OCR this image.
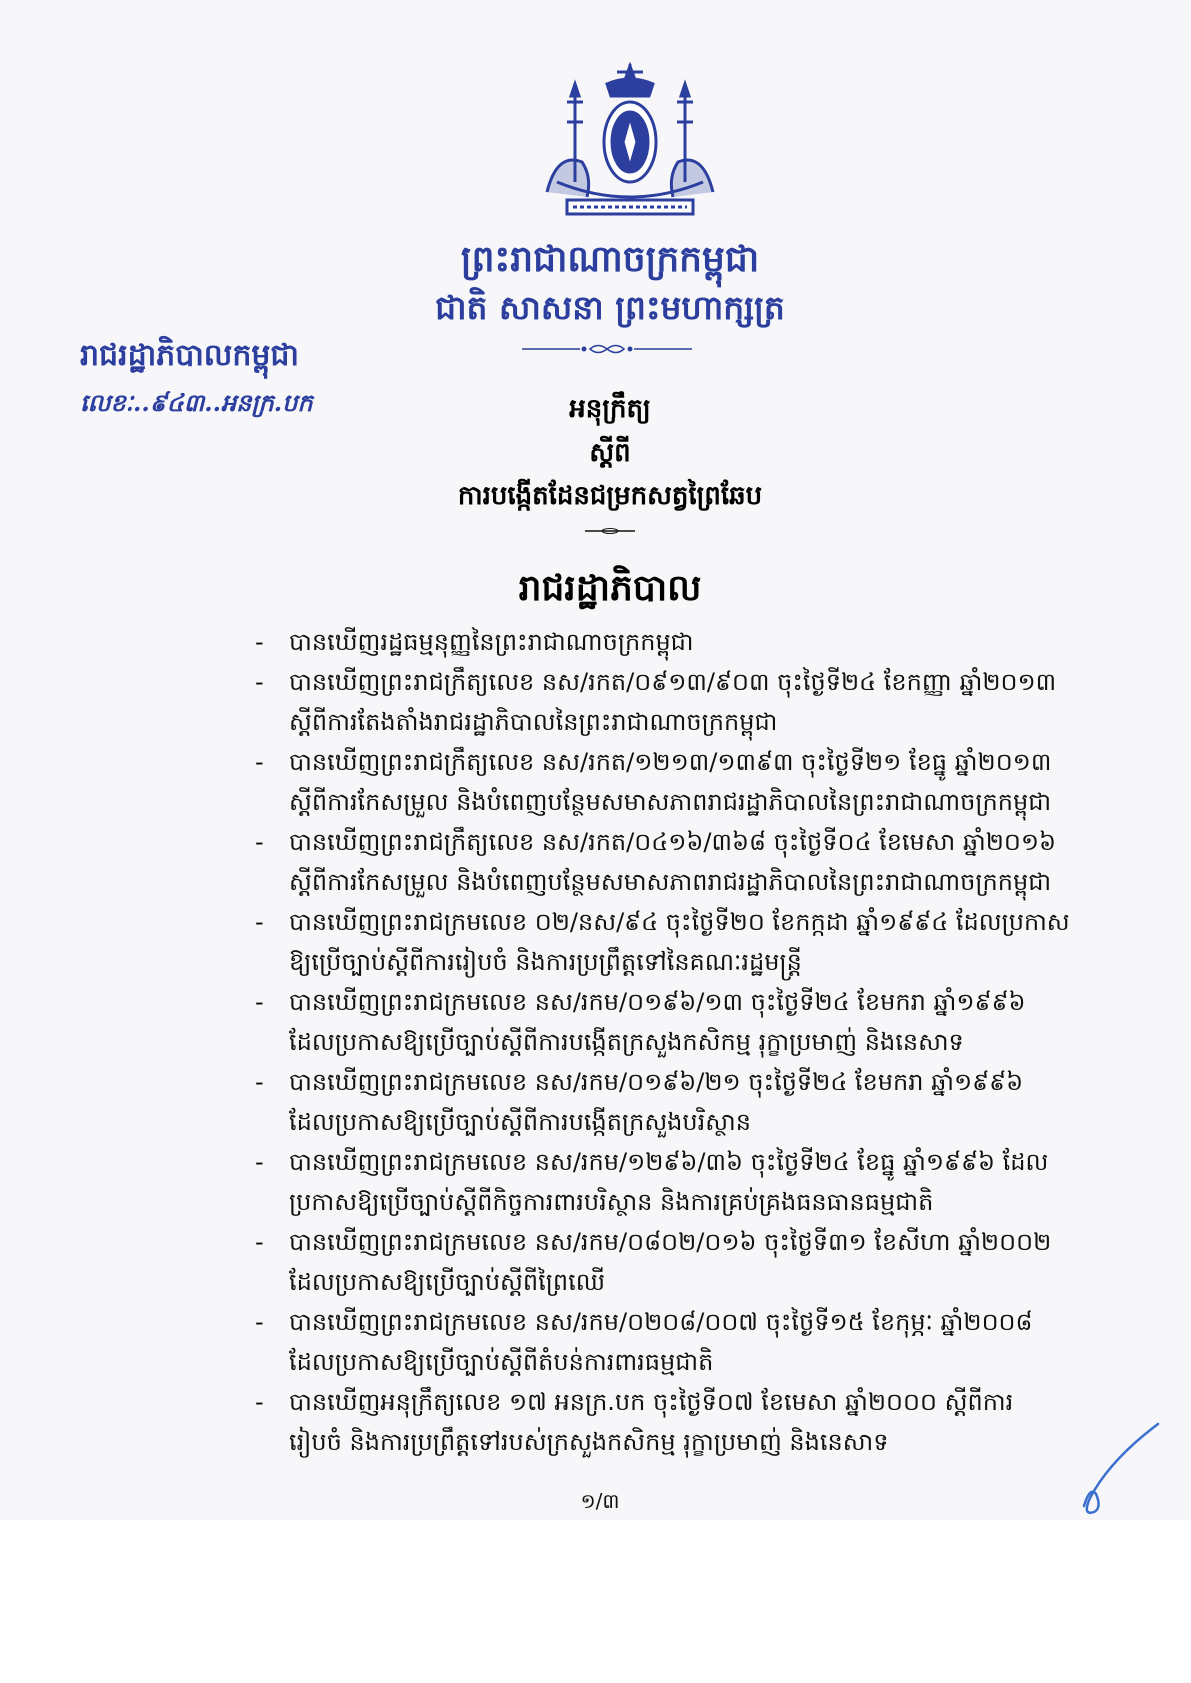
ព្រះរាជាណាចក្រកម្ពុជា
ជាតិ សាសនា ព្រះមហាក្សត្រ
រាជរដ្ឋាភិបាលកម្ពុជា
លេខៈ..៩៤៣..អនក្រ.បក	អនុក្រឹត្យ
ស្ដីពី
ការបង្កើតដែនជម្រកសត្វព្រៃឆែប
រាជរដ្ឋាភិបាល
- បានឃើញរដ្ឋធម្មនុញ្ញនៃព្រះរាជាណាចក្រកម្ពុជា
- បានឃើញព្រះរាជក្រឹត្យលេខ នស/រកត/០៩១៣/៩០៣ ចុះថ្ងៃទី២៤ ខែកញ្ញា ឆ្នាំ២០១៣
ស្ដីពីការតែងតាំងរាជរដ្ឋាភិបាលនៃព្រះរាជាណាចក្រកម្ពុជា
- បានឃើញព្រះរាជក្រឹត្យលេខ នស/រកត/១២១៣/១៣៩៣ ចុះថ្ងៃទី២១ ខែធ្នូ ឆ្នាំ២០១៣
ស្ដីពីការកែសម្រួល និងបំពេញបន្ថែមសមាសភាពរាជរដ្ឋាភិបាលនៃព្រះរាជាណាចក្រកម្ពុជា
- បានឃើញព្រះរាជក្រឹត្យលេខ នស/រកត/០៤១៦/៣៦៨ ចុះថ្ងៃទី០៤ ខែមេសា ឆ្នាំ២០១៦
ស្ដីពីការកែសម្រួល និងបំពេញបន្ថែមសមាសភាពរាជរដ្ឋាភិបាលនៃព្រះរាជាណាចក្រកម្ពុជា
- បានឃើញព្រះរាជក្រមលេខ ០២/នស/៩៤ ចុះថ្ងៃទី២០ ខែកក្កដា ឆ្នាំ១៩៩៤ ដែលប្រកាស
ឱ្យប្រើច្បាប់ស្ដីពីការរៀបចំ និងការប្រព្រឹត្តទៅនៃគណៈរដ្ឋមន្ត្រី
- បានឃើញព្រះរាជក្រមលេខ នស/រកម/០១៩៦/១៣ ចុះថ្ងៃទី២៤ ខែមករា ឆ្នាំ១៩៩៦
ដែលប្រកាសឱ្យប្រើច្បាប់ស្ដីពីការបង្កើតក្រសួងកសិកម្ម រុក្ខាប្រមាញ់ និងនេសាទ
- បានឃើញព្រះរាជក្រមលេខ នស/រកម/០១៩៦/២១ ចុះថ្ងៃទី២៤ ខែមករា ឆ្នាំ១៩៩៦
ដែលប្រកាសឱ្យប្រើច្បាប់ស្ដីពីការបង្កើតក្រសួងបរិស្ថាន
- បានឃើញព្រះរាជក្រមលេខ នស/រកម/១២៩៦/៣៦ ចុះថ្ងៃទី២៤ ខែធ្នូ ឆ្នាំ១៩៩៦ ដែល
ប្រកាសឱ្យប្រើច្បាប់ស្ដីពីកិច្ចការពារបរិស្ថាន និងការគ្រប់គ្រងធនធានធម្មជាតិ
- បានឃើញព្រះរាជក្រមលេខ នស/រកម/០៨០២/០១៦ ចុះថ្ងៃទី៣១ ខែសីហា ឆ្នាំ២០០២
ដែលប្រកាសឱ្យប្រើច្បាប់ស្ដីពីព្រៃឈើ
- បានឃើញព្រះរាជក្រមលេខ នស/រកម/០២០៨/០០៧ ចុះថ្ងៃទី១៥ ខែកុម្ភៈ ឆ្នាំ២០០៨
ដែលប្រកាសឱ្យប្រើច្បាប់ស្ដីពីតំបន់ការពារធម្មជាតិ
- បានឃើញអនុក្រឹត្យលេខ ១៧ អនក្រ.បក ចុះថ្ងៃទី០៧ ខែមេសា ឆ្នាំ២០០០ ស្ដីពីការ
រៀបចំ និងការប្រព្រឹត្តទៅរបស់ក្រសួងកសិកម្ម រុក្ខាប្រមាញ់ និងនេសាទ
១/៣
